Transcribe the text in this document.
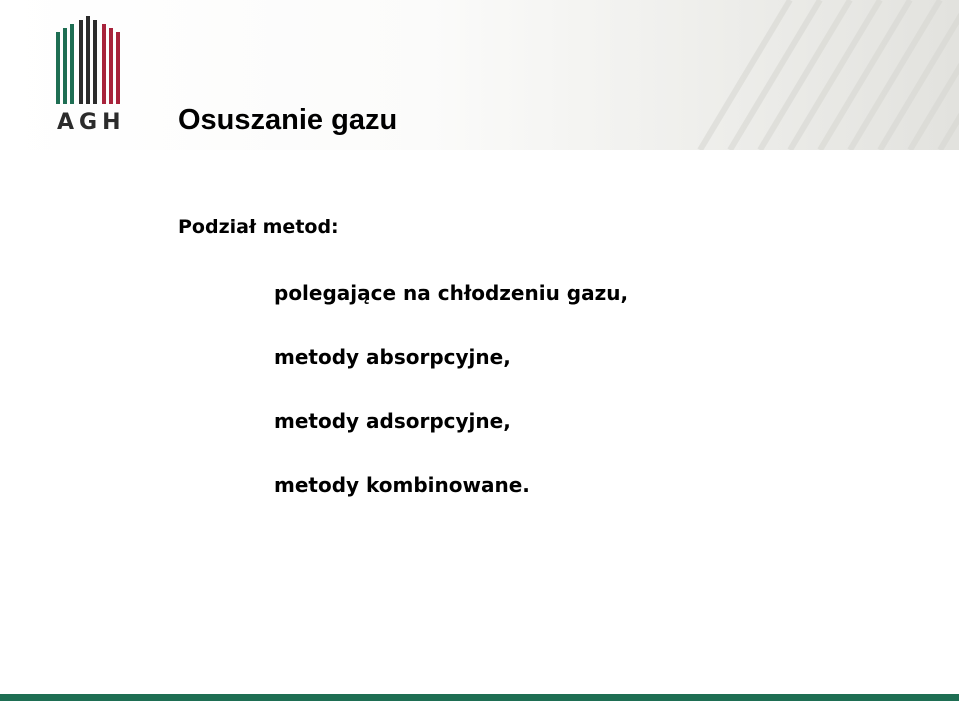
AGH Osuszanie gazu
Podział metod:
polegające na chłodzeniu gazu,
metody absorpcyjne,
metody adsorpcyjne,
metody kombinowane.
